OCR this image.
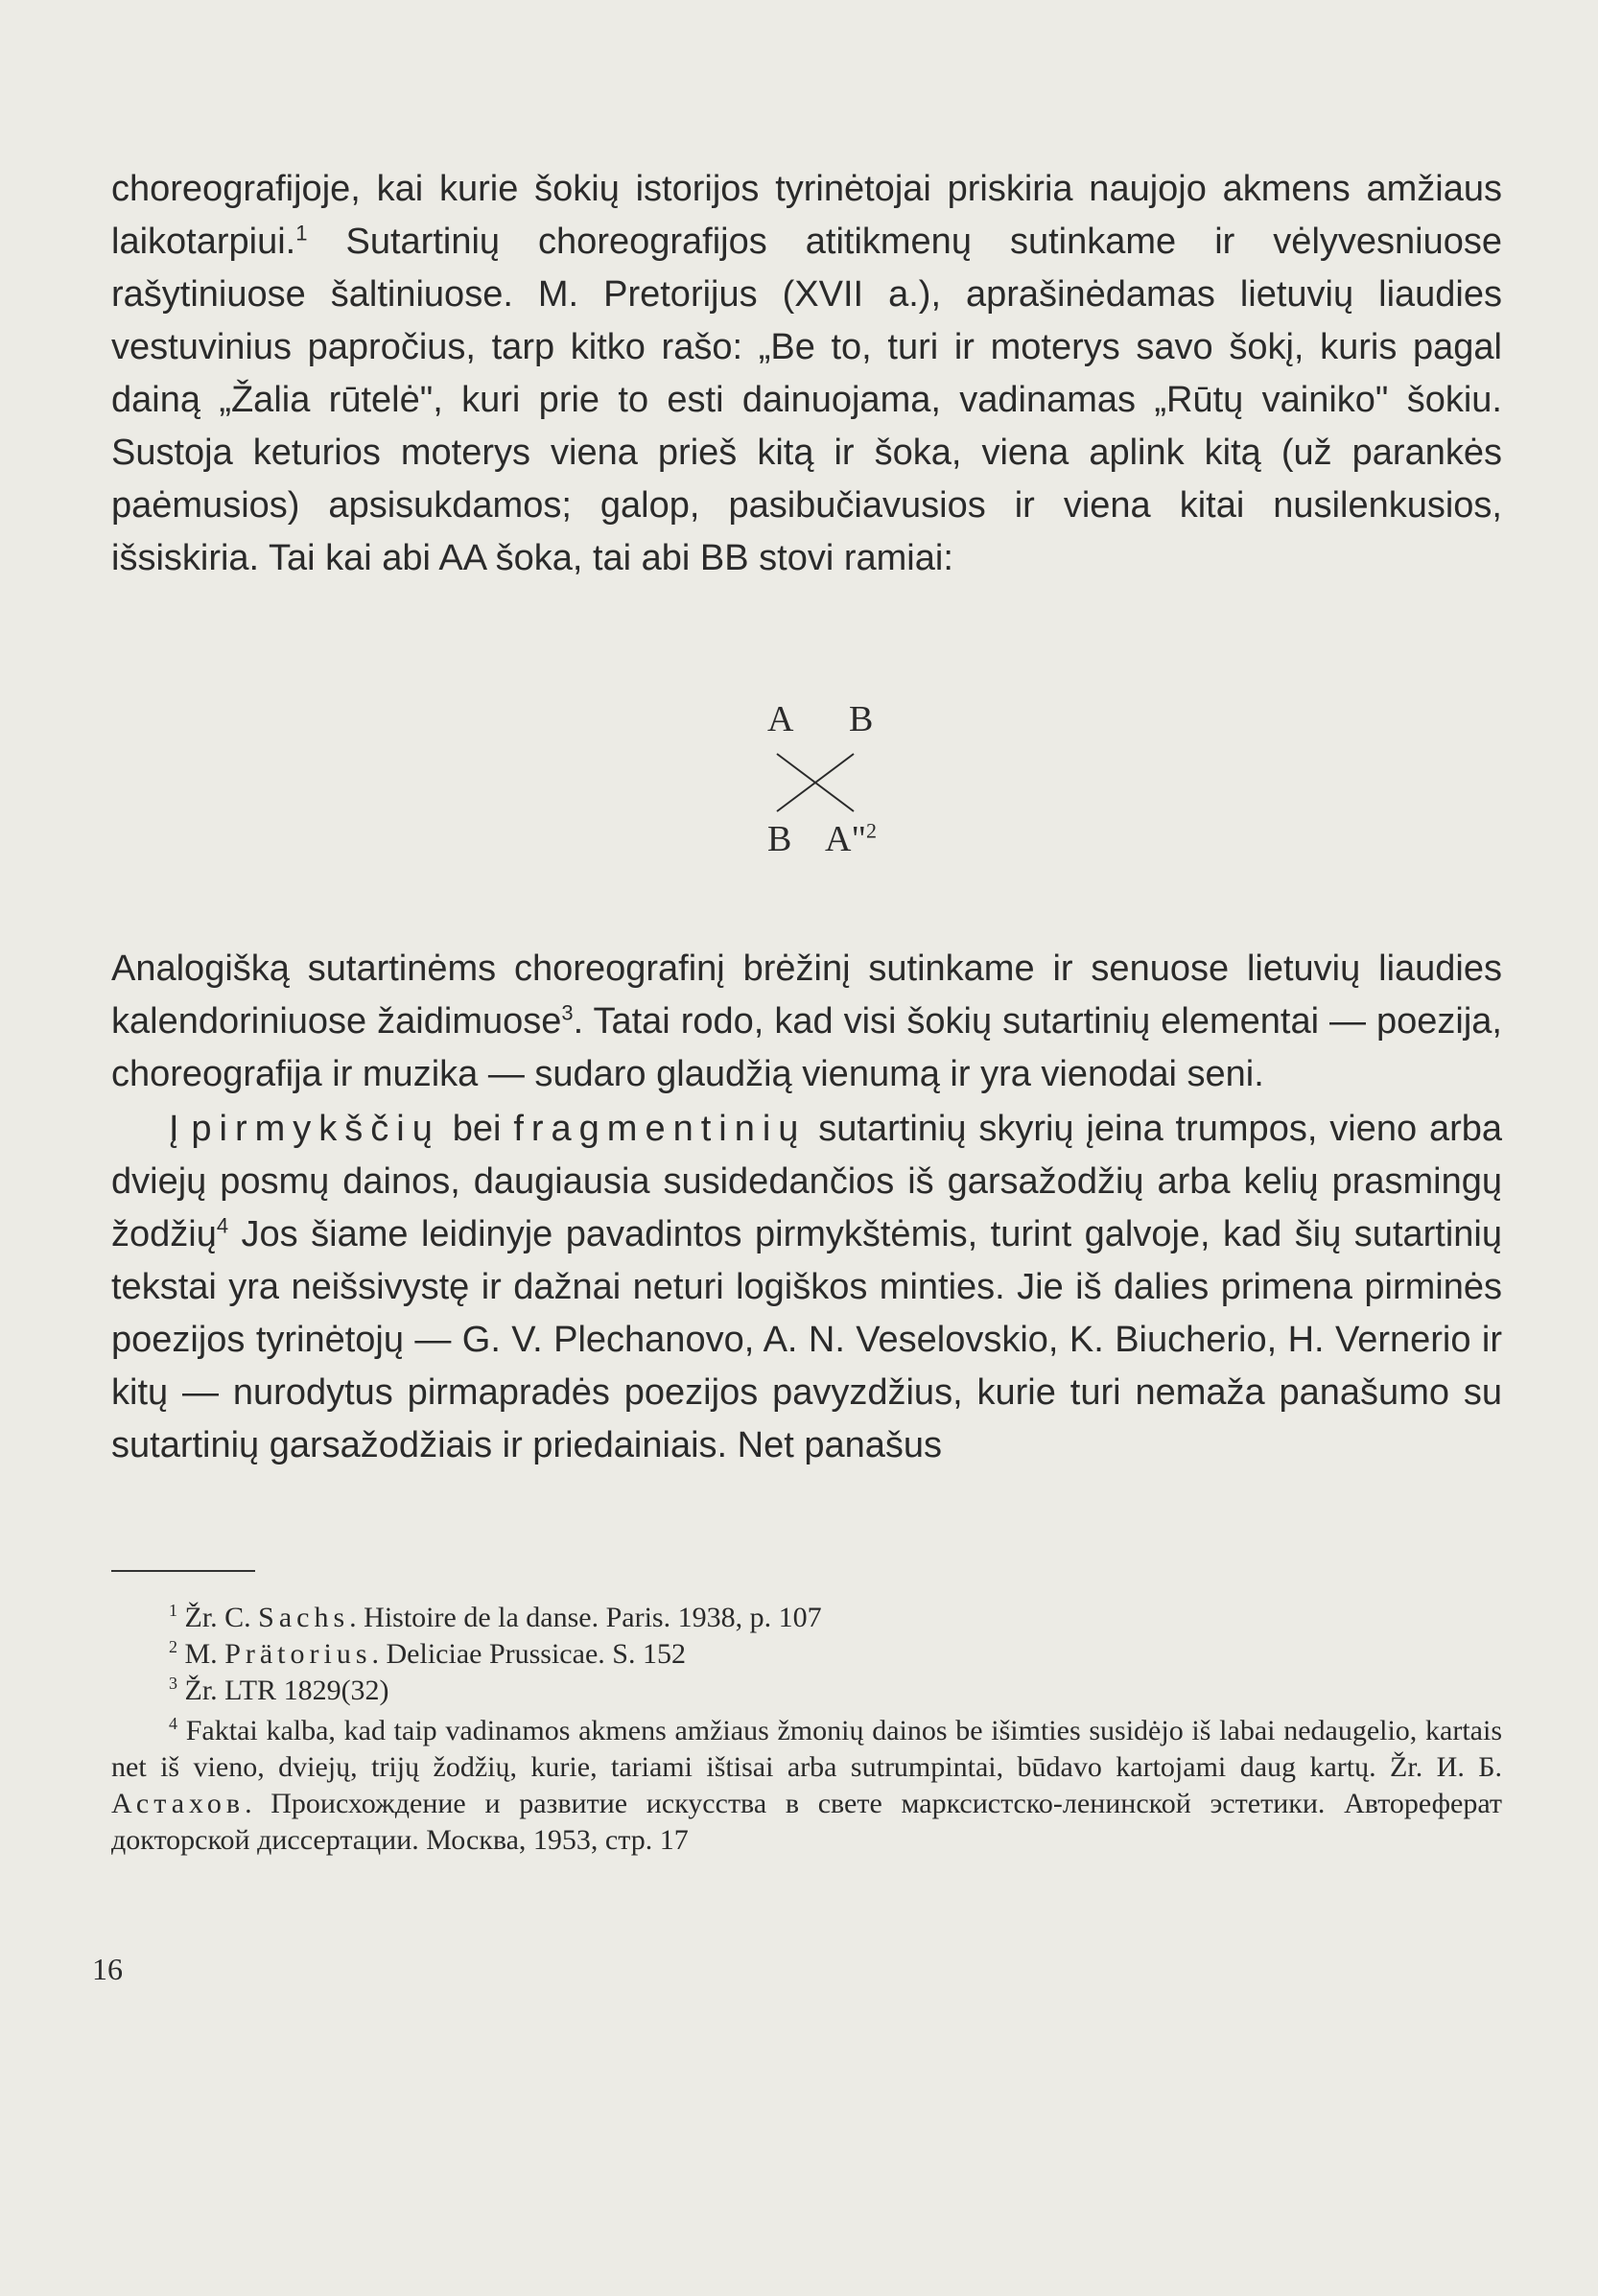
choreografijoje, kai kurie šokių istorijos tyrinėtojai priskiria naujojo akmens amžiaus laikotarpiui.$^1$ Sutartinių choreografijos atitikmenų sutinkame ir vėlyvesniuose rašytiniuose šaltiniuose. M. Pretorijus (XVII a.), aprašinėdamas lietuvių liaudies vestuvinius papročius, tarp kitko rašo: „Be to, turi ir moterys savo šokį, kuris pagal dainą „Žalia rūtelė", kuri prie to esti dainuojama, vadinamas „Rūtų vainiko" šokiu. Sustoja keturios moterys viena prieš kitą ir šoka, viena aplink kitą (už parankės paėmusios) apsisukdamos; galop, pasibučiavusios ir viena kitai nusilenkusios, išsiskiria. Tai kai abi AA šoka, tai abi BB stovi ramiai:

A B
B A"$^2$

Analogišką sutartinėms choreografinį brėžinį sutinkame ir senuose lietuvių liaudies kalendoriniuose žaidimuose$^3$. Tatai rodo, kad visi šokių sutartinių elementai — poezija, choreografija ir muzika — sudaro glaudžią vienumą ir yra vienodai seni.

Į pirmykščių bei fragmentinių sutartinių skyrių įeina trumpos, vieno arba dviejų posmų dainos, daugiausia susidedančios iš garsažodžių arba kelių prasmingų žodžių$^4$ Jos šiame leidinyje pavadintos pirmykštėmis, turint galvoje, kad šių sutartinių tekstai yra neišsivystę ir dažnai neturi logiškos minties. Jie iš dalies primena pirminės poezijos tyrinėtojų — G. V. Plechanovo, A. N. Veselovskio, K. Biucherio, H. Vernerio ir kitų — nurodytus pirmapradės poezijos pavyzdžius, kurie turi nemaža panašumo su sutartinių garsažodžiais ir priedainiais. Net panašus

$^1$ Žr. C. Sachs. Histoire de la danse. Paris. 1938, p. 107

$^2$ M. Prätorius. Deliciae Prussicae. S. 152

$^3$ Žr. LTR 1829(32)

$^4$ Faktai kalba, kad taip vadinamos akmens amžiaus žmonių dainos be išimties susidėjo iš labai nedaugelio, kartais net iš vieno, dviejų, trijų žodžių, kurie, tariami ištisai arba sutrumpintai, būdavo kartojami daug kartų. Žr. И. Б. Астахов. Происхождение и развитие искусства в свете марксистско-ленинской эстетики. Автореферат докторской диссертации. Москва, 1953, стр. 17

16
